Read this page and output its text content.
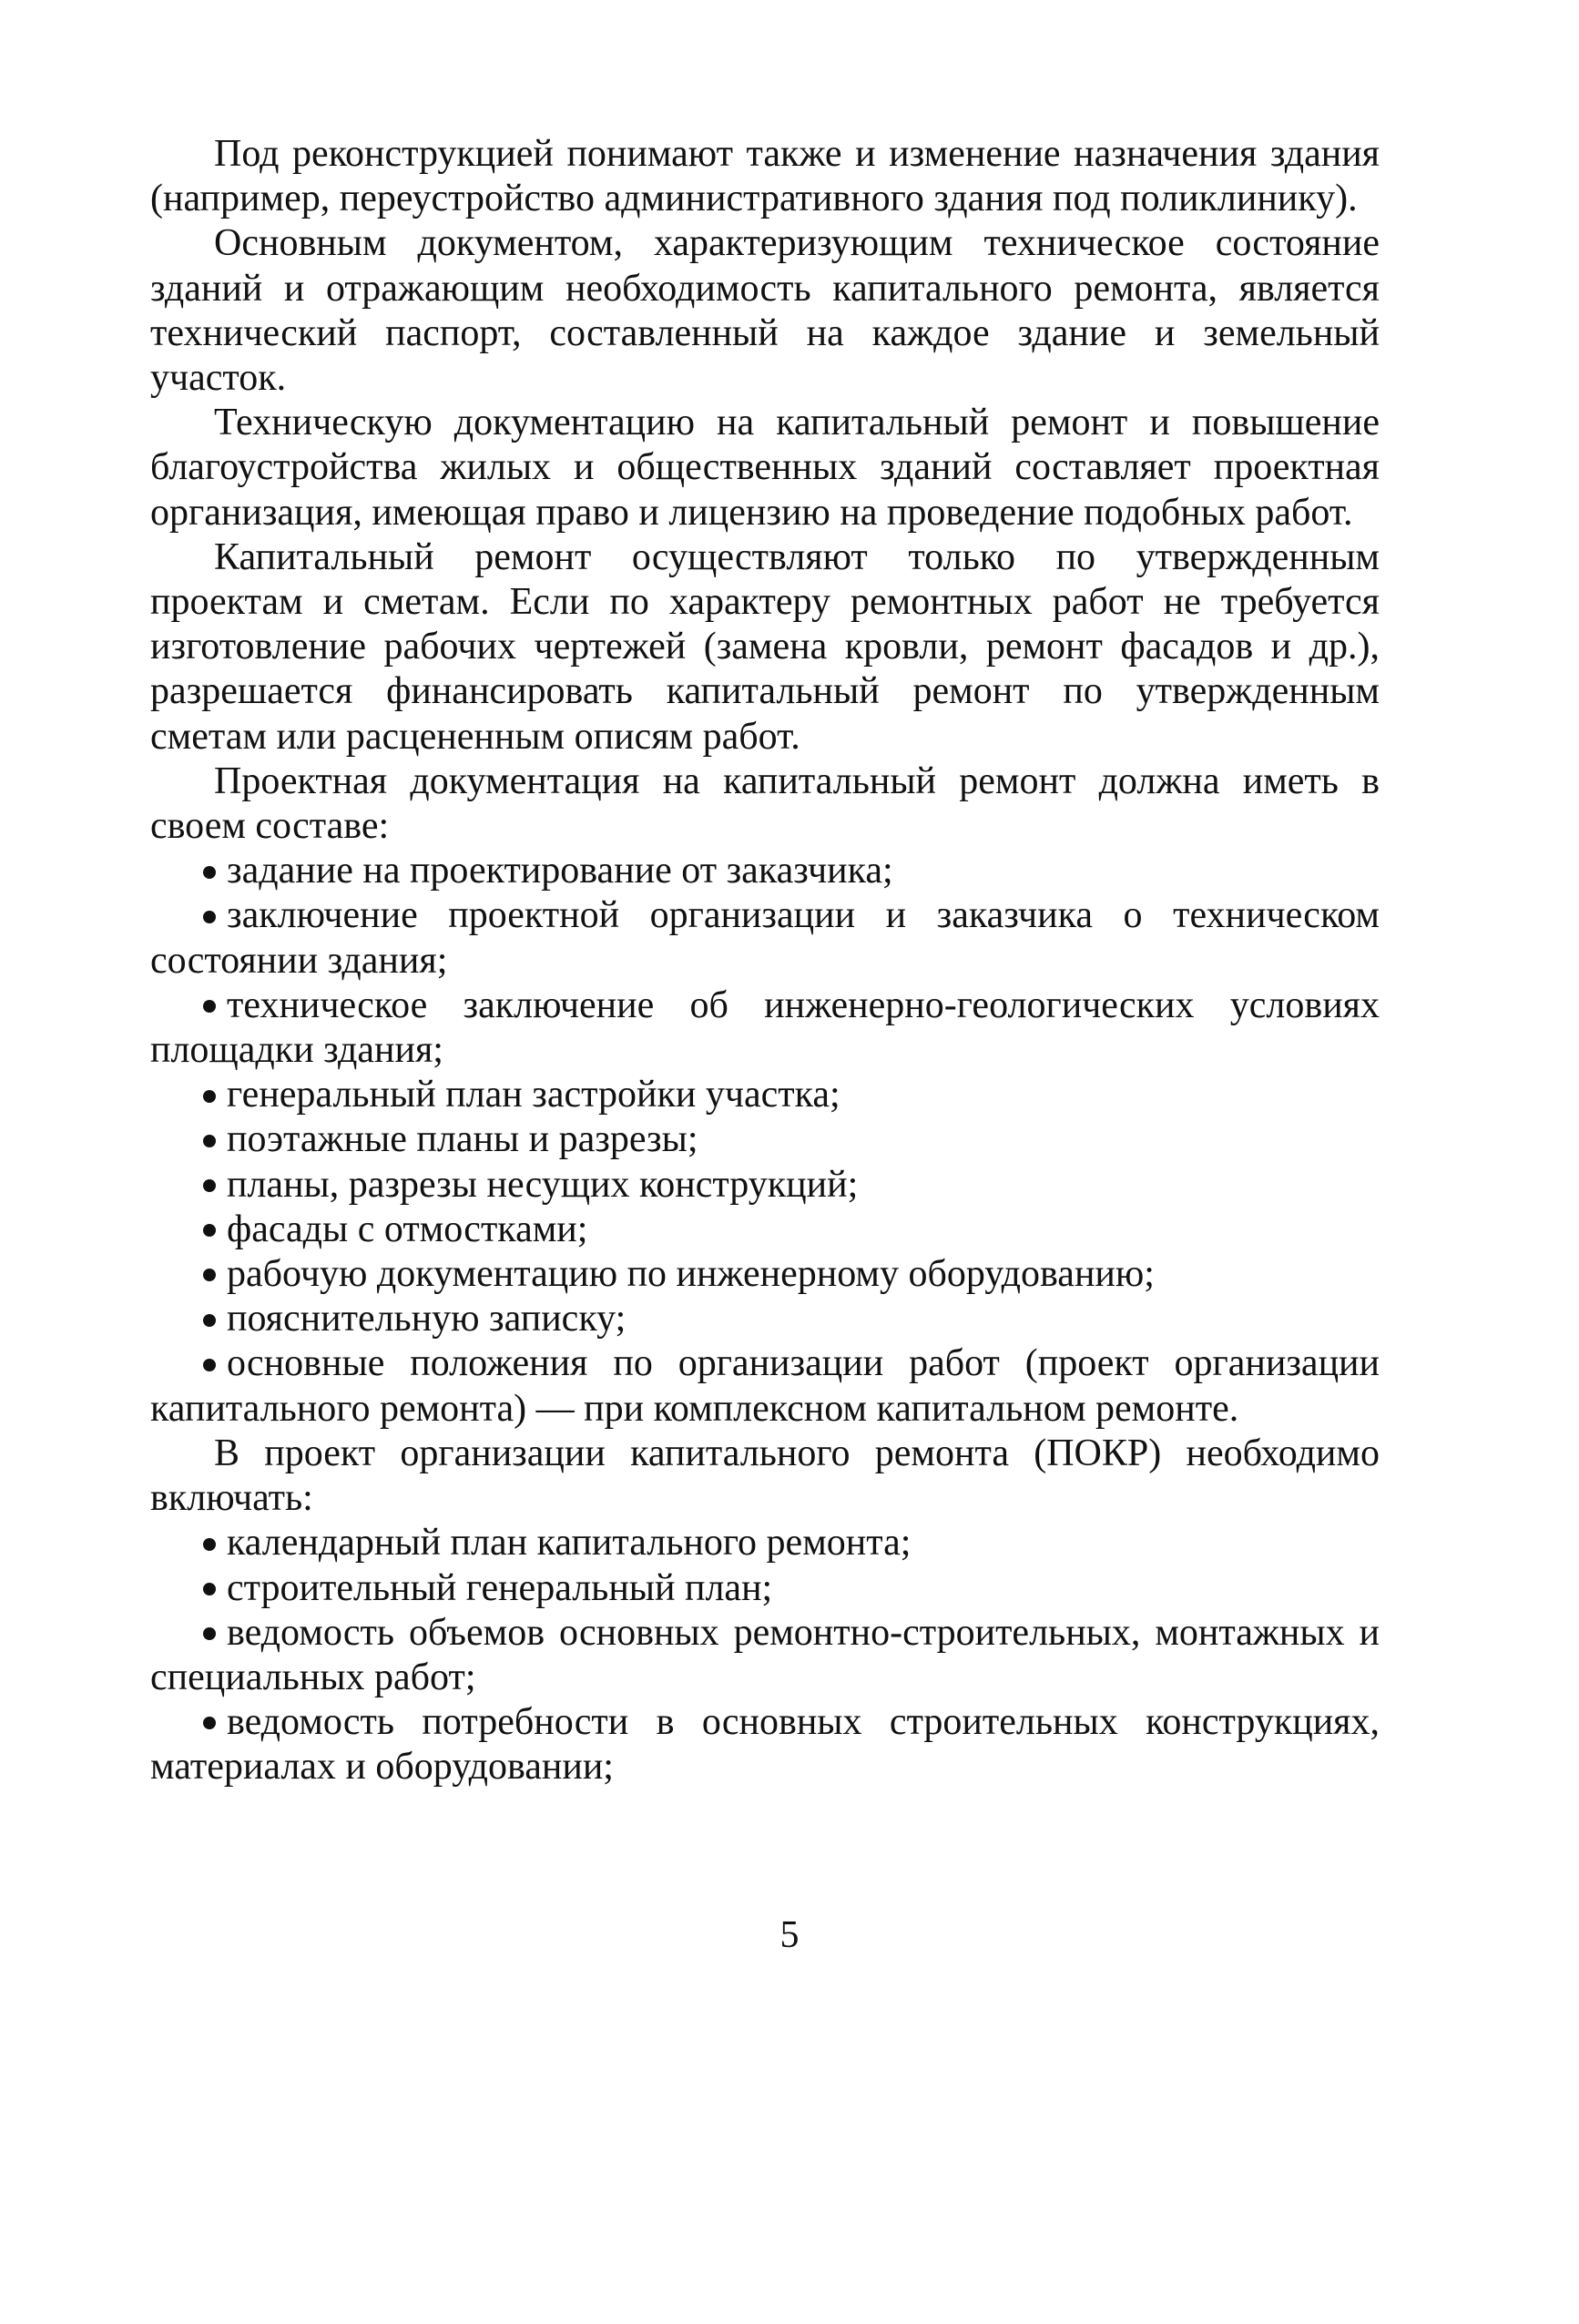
Под реконструкцией понимают также и изменение назначения здания (например, переустройство административного здания под поликлинику).

Основным документом, характеризующим техническое состояние зданий и отражающим необходимость капитального ремонта, является технический паспорт, составленный на каждое здание и земельный участок.

Техническую документацию на капитальный ремонт и повышение благоустройства жилых и общественных зданий составляет проектная организация, имеющая право и лицензию на проведение подобных работ.

Капитальный ремонт осуществляют только по утвержденным проектам и сметам. Если по характеру ремонтных работ не требуется изготовление рабочих чертежей (замена кровли, ремонт фасадов и др.), разрешается финансировать капитальный ремонт по утвержденным сметам или расцененным описям работ.

Проектная документация на капитальный ремонт должна иметь в своем составе:

задание на проектирование от заказчика;

заключение проектной организации и заказчика о техническом состоянии здания;

техническое заключение об инженерно-геологических условиях площадки здания;

генеральный план застройки участка;

поэтажные планы и разрезы;

планы, разрезы несущих конструкций;

фасады с отмостками;

рабочую документацию по инженерному оборудованию;

пояснительную записку;

основные положения по организации работ (проект организации капитального ремонта) — при комплексном капитальном ремонте.

В проект организации капитального ремонта (ПОКР) необходимо включать:

календарный план капитального ремонта;

строительный генеральный план;

ведомость объемов основных ремонтно-строительных, монтажных и специальных работ;

ведомость потребности в основных строительных конструкциях, материалах и оборудовании;

5
